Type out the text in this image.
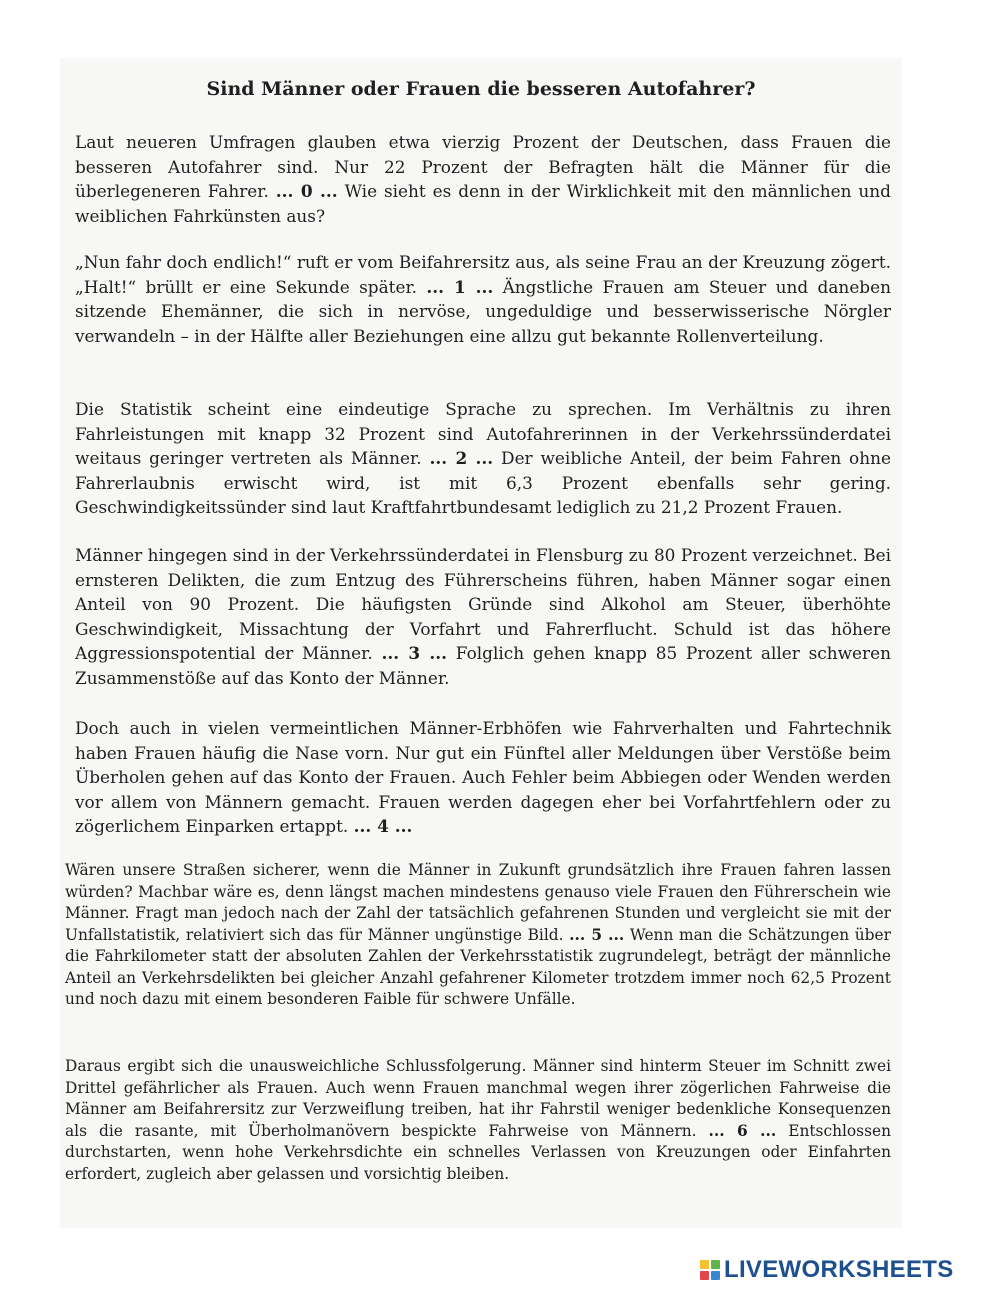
Sind Männer oder Frauen die besseren Autofahrer?

Laut neueren Umfragen glauben etwa vierzig Prozent der Deutschen, dass Frauen die besseren Autofahrer sind. Nur 22 Prozent der Befragten hält die Männer für die überlegeneren Fahrer. ... 0 ... Wie sieht es denn in der Wirklichkeit mit den männlichen und weiblichen Fahrkünsten aus?

„Nun fahr doch endlich!“ ruft er vom Beifahrersitz aus, als seine Frau an der Kreuzung zögert. „Halt!“ brüllt er eine Sekunde später. ... 1 ... Ängstliche Frauen am Steuer und daneben sitzende Ehemänner, die sich in nervöse, ungeduldige und besserwisserische Nörgler verwandeln – in der Hälfte aller Beziehungen eine allzu gut bekannte Rollenverteilung.

Die Statistik scheint eine eindeutige Sprache zu sprechen. Im Verhältnis zu ihren Fahrleistungen mit knapp 32 Prozent sind Autofahrerinnen in der Verkehrssünderdatei weitaus geringer vertreten als Männer. ... 2 ... Der weibliche Anteil, der beim Fahren ohne Fahrerlaubnis erwischt wird, ist mit 6,3 Prozent ebenfalls sehr gering. Geschwindigkeitssünder sind laut Kraftfahrtbundesamt lediglich zu 21,2 Prozent Frauen.

Männer hingegen sind in der Verkehrssünderdatei in Flensburg zu 80 Prozent verzeichnet. Bei ernsteren Delikten, die zum Entzug des Führerscheins führen, haben Männer sogar einen Anteil von 90 Prozent. Die häufigsten Gründe sind Alkohol am Steuer, überhöhte Geschwindigkeit, Missachtung der Vorfahrt und Fahrerflucht. Schuld ist das höhere Aggressionspotential der Männer. ... 3 ... Folglich gehen knapp 85 Prozent aller schweren Zusammenstöße auf das Konto der Männer.

Doch auch in vielen vermeintlichen Männer-Erbhöfen wie Fahrverhalten und Fahrtechnik haben Frauen häufig die Nase vorn. Nur gut ein Fünftel aller Meldungen über Verstöße beim Überholen gehen auf das Konto der Frauen. Auch Fehler beim Abbiegen oder Wenden werden vor allem von Männern gemacht. Frauen werden dagegen eher bei Vorfahrtfehlern oder zu zögerlichem Einparken ertappt. ... 4 ...

Wären unsere Straßen sicherer, wenn die Männer in Zukunft grundsätzlich ihre Frauen fahren lassen würden? Machbar wäre es, denn längst machen mindestens genauso viele Frauen den Führerschein wie Männer. Fragt man jedoch nach der Zahl der tatsächlich gefahrenen Stunden und vergleicht sie mit der Unfallstatistik, relativiert sich das für Männer ungünstige Bild. ... 5 ... Wenn man die Schätzungen über die Fahrkilometer statt der absoluten Zahlen der Verkehrsstatistik zugrundelegt, beträgt der männliche Anteil an Verkehrsdelikten bei gleicher Anzahl gefahrener Kilometer trotzdem immer noch 62,5 Prozent und noch dazu mit einem besonderen Faible für schwere Unfälle.

Daraus ergibt sich die unausweichliche Schlussfolgerung. Männer sind hinterm Steuer im Schnitt zwei Drittel gefährlicher als Frauen. Auch wenn Frauen manchmal wegen ihrer zögerlichen Fahrweise die Männer am Beifahrersitz zur Verzweiflung treiben, hat ihr Fahrstil weniger bedenkliche Konsequenzen als die rasante, mit Überholmanövern bespickte Fahrweise von Männern. ... 6 ... Entschlossen durchstarten, wenn hohe Verkehrsdichte ein schnelles Verlassen von Kreuzungen oder Einfahrten erfordert, zugleich aber gelassen und vorsichtig bleiben.

LIVEWORKSHEETS
